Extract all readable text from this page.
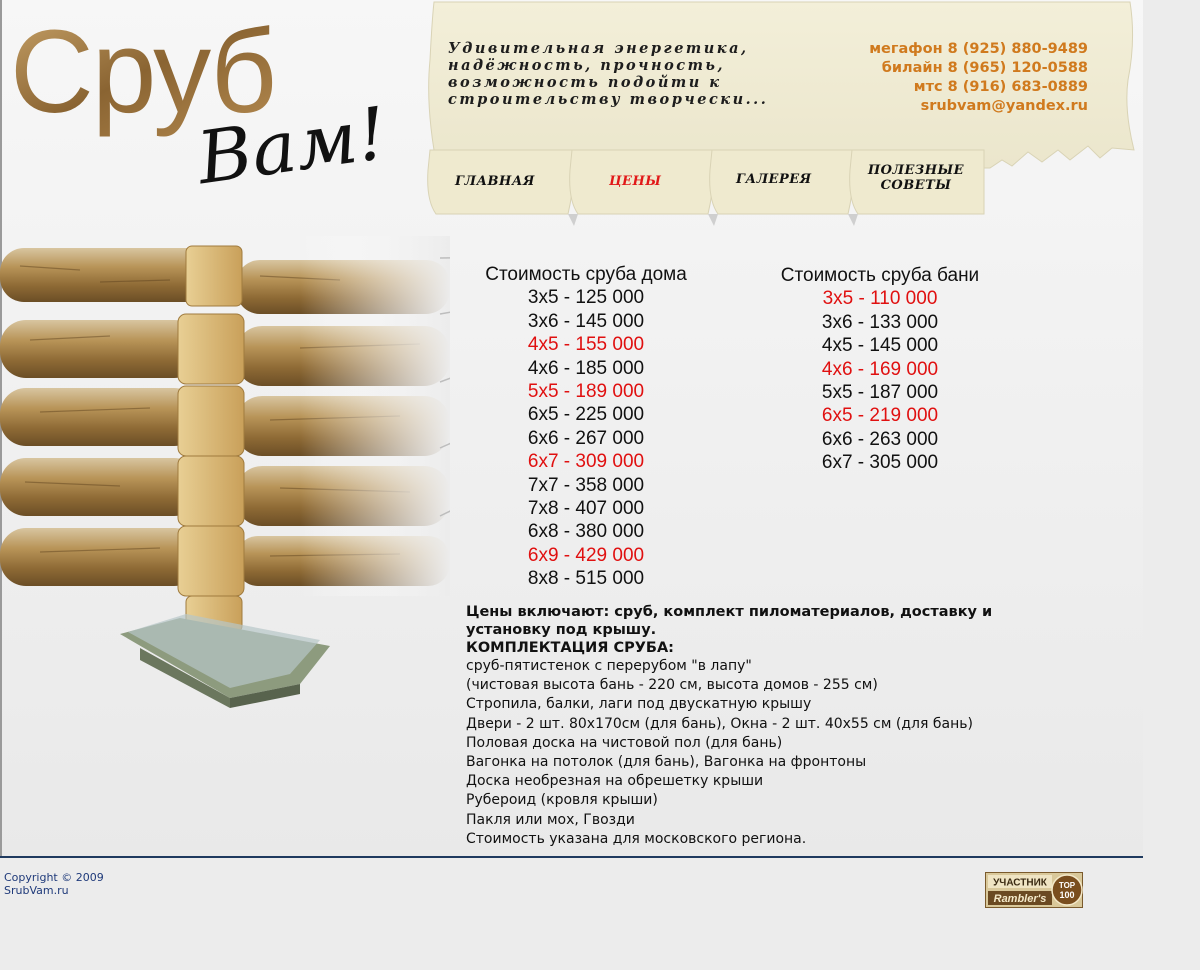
Сруб
Вам!
Удивительная энергетика,
надёжность, прочность,
возможность подойти к
строительству творчески...
мегафон 8 (925) 880-9489
билайн 8 (965) 120-0588
мтс 8 (916) 683-0889
srubvam@yandex.ru
ГЛАВНАЯ	ЦЕНЫ	ГАЛЕРЕЯ
ПОЛЕЗНЫЕ
СОВЕТЫ
Стоимость сруба дома
3х5 - 125 000
3х6 - 145 000
4х5 - 155 000
4х6 - 185 000
5х5 - 189 000
6х5 - 225 000
6х6 - 267 000
6х7 - 309 000
7х7 - 358 000
7х8 - 407 000
6х8 - 380 000
6х9 - 429 000
8х8 - 515 000
Стоимость сруба бани
3х5 - 110 000
3х6 - 133 000
4х5 - 145 000
4х6 - 169 000
5х5 - 187 000
6х5 - 219 000
6х6 - 263 000
6х7 - 305 000
Цены включают: сруб, комплект пиломатериалов, доставку и
установку под крышу.
КОМПЛЕКТАЦИЯ СРУБА:
сруб-пятистенок с перерубом "в лапу"
(чистовая высота бань - 220 см, высота домов - 255 см)
Стропила, балки, лаги под двускатную крышу
Двери - 2 шт. 80х170см (для бань), Окна - 2 шт. 40х55 см (для бань)
Половая доска на чистовой пол (для бань)
Вагонка на потолок (для бань), Вагонка на фронтоны
Доска необрезная на обрешетку крыши
Рубероид (кровля крыши)
Пакля или мох, Гвозди
Стоимость указана для московского региона.
Copyright © 2009
SrubVam.ru
УЧАСТНИК
Rambler's
TOP
100
